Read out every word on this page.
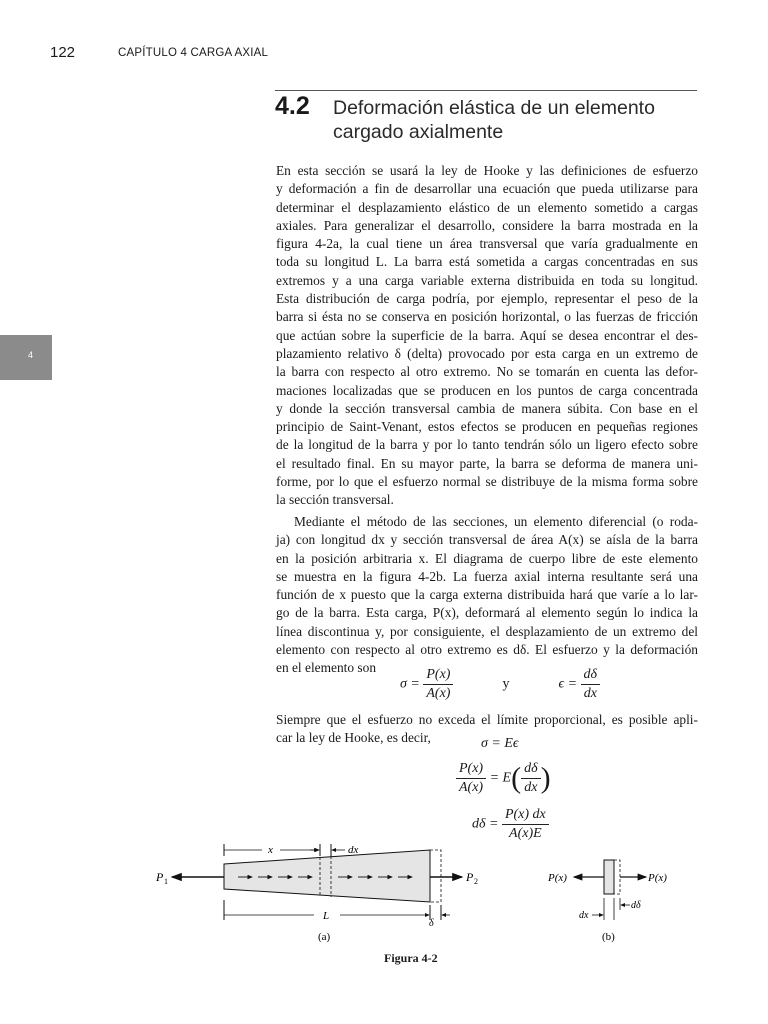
122	CAPÍTULO 4 CARGA AXIAL
4
4.2 Deformación elástica de un elemento
cargado axialmente
En esta sección se usará la ley de Hooke y las definiciones de esfuerzo
y deformación a fin de desarrollar una ecuación que pueda utilizarse para
determinar el desplazamiento elástico de un elemento sometido a cargas
axiales. Para generalizar el desarrollo, considere la barra mostrada en la
figura 4-2a, la cual tiene un área transversal que varía gradualmente en
toda su longitud L. La barra está sometida a cargas concentradas en sus
extremos y a una carga variable externa distribuida en toda su longitud.
Esta distribución de carga podría, por ejemplo, representar el peso de la
barra si ésta no se conserva en posición horizontal, o las fuerzas de fricción
que actúan sobre la superficie de la barra. Aquí se desea encontrar el des-
plazamiento relativo δ (delta) provocado por esta carga en un extremo de
la barra con respecto al otro extremo. No se tomarán en cuenta las defor-
maciones localizadas que se producen en los puntos de carga concentrada
y donde la sección transversal cambia de manera súbita. Con base en el
principio de Saint-Venant, estos efectos se producen en pequeñas regiones
de la longitud de la barra y por lo tanto tendrán sólo un ligero efecto sobre
el resultado final. En su mayor parte, la barra se deforma de manera uni-
forme, por lo que el esfuerzo normal se distribuye de la misma forma sobre
la sección transversal.
Mediante el método de las secciones, un elemento diferencial (o roda-
ja) con longitud dx y sección transversal de área A(x) se aísla de la barra
en la posición arbitraria x. El diagrama de cuerpo libre de este elemento
se muestra en la figura 4-2b. La fuerza axial interna resultante será una
función de x puesto que la carga externa distribuida hará que varíe a lo lar-
go de la barra. Esta carga, P(x), deformará al elemento según lo indica la
línea discontinua y, por consiguiente, el desplazamiento de un extremo del
elemento con respecto al otro extremo es dδ. El esfuerzo y la deformación
en el elemento son
$\sigma = \frac{P(x)}{A(x)}$	y	$\epsilon = \frac{d\delta}{dx}$
Siempre que el esfuerzo no exceda el límite proporcional, es posible apli-
car la ley de Hooke, es decir,	σ = Eϵ
$\frac{P(x)}{A(x)} = E( \frac{d\delta}{dx}$ )
$d\delta = \frac{P(x) dx}{A(x)E}$
P 1	P 2
x	dx
L
δ
(a)
P(x)	P(x)
dδ
dx
(b)
Figura 4-2
